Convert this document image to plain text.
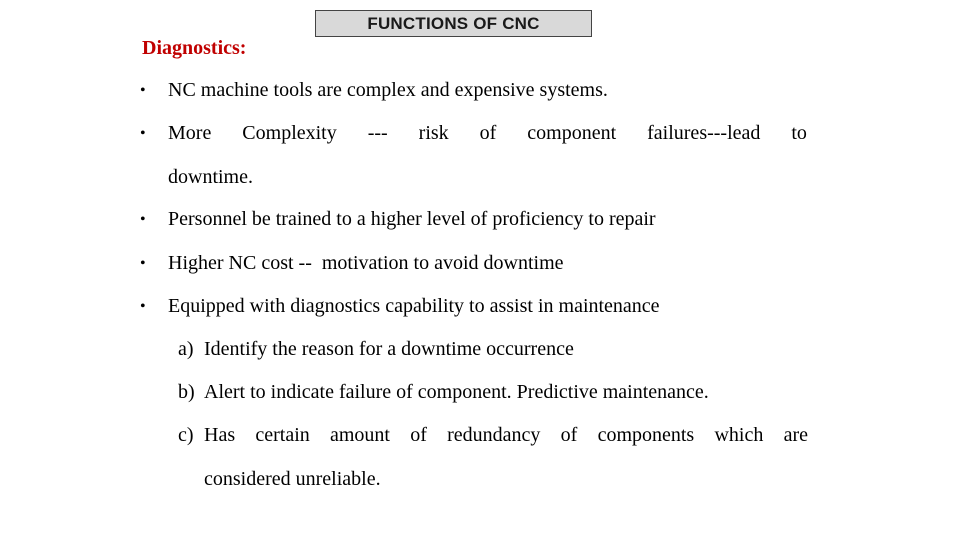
FUNCTIONS OF CNC
Diagnostics:
•	NC machine tools are complex and expensive systems.
•	More Complexity --- risk of component failures---lead to
downtime.
•	Personnel be trained to a higher level of proficiency to repair
•	Higher NC cost --  motivation to avoid downtime
•	Equipped with diagnostics capability to assist in maintenance
a) Identify the reason for a downtime occurrence
b) Alert to indicate failure of component. Predictive maintenance.
c) Has certain amount of redundancy of components which are
considered unreliable.
